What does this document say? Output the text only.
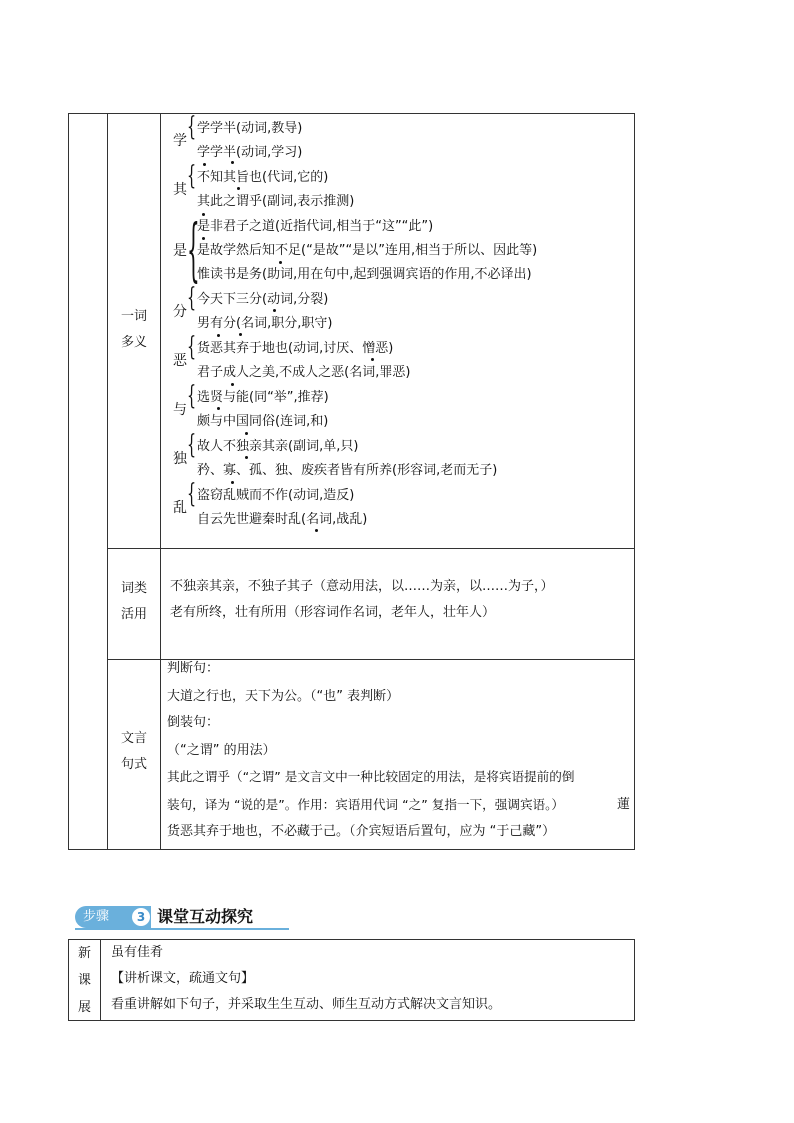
一词
多义
学 { 学学半(动词,教导)
学学半(动词,学习)
其 { 不知其旨也(代词,它的)
其此之谓乎(副词,表示推测)
是 {
是非君子之道(近指代词,相当于“这”“此”)
是故学然后知不足(“是故”“是以”连用,相当于所以、因此等)
惟读书是务(助词,用在句中,起到强调宾语的作用,不必译出)
分 { 今天下三分(动词,分裂)
男有分(名词,职分,职守)
恶 { 货恶其弃于地也(动词,讨厌、憎恶)
君子成人之美,不成人之恶(名词,罪恶)
与 { 选贤与能(同“举”,推荐)
颇与中国同俗(连词,和)
独 { 故人不独亲其亲(副词,单,只)
矜、寡、孤、独、废疾者皆有所养(形容词,老而无子)
乱 { 盗窃乱贼而不作(动词,造反)
自云先世避秦时乱(名词,战乱)
词类
活用
不独亲其亲，不独子其子（意动用法，以……为亲，以……为子，）
老有所终，壮有所用（形容词作名词，老年人，壮年人）
文言
句式
判断句：
大道之行也，天下为公。（“也” 表判断）
倒装句：
（“之谓” 的用法）
其此之谓乎（“之谓” 是文言文中一种比较固定的用法，是将宾语提前的倒
装句，译为 “说的是”。作用：宾语用代词 “之” 复指一下，强调宾语。）	蓮
货恶其弃于地也，不必藏于己。（介宾短语后置句，应为 “于己藏”）
步骤	3 课堂互动探究
新
课
展
虽有佳肴
【讲析课文，疏通文句】
看重讲解如下句子，并采取生生互动、师生互动方式解决文言知识。
